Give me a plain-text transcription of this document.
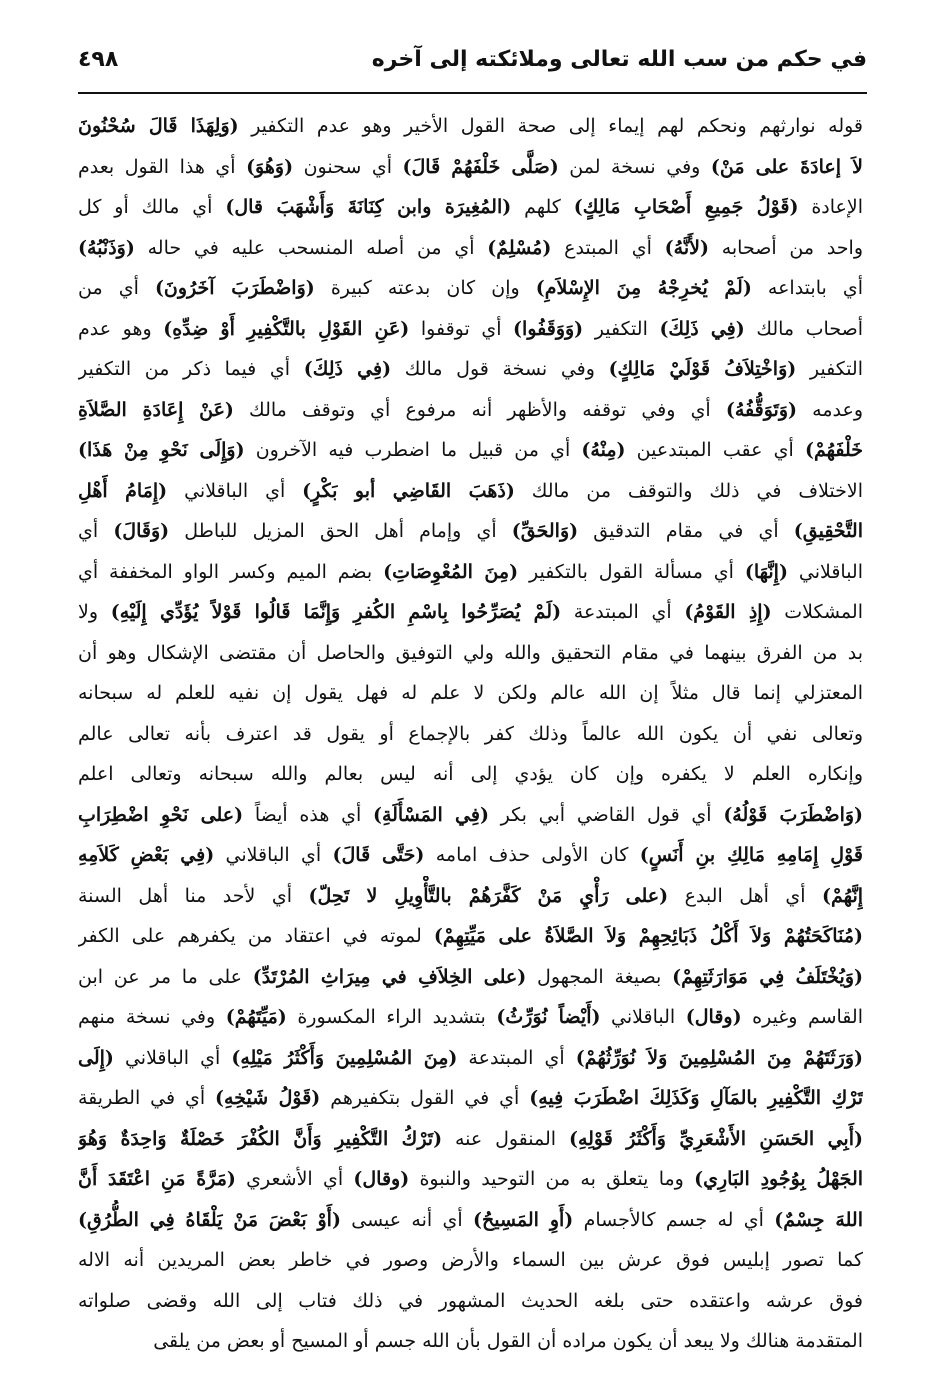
في حكم من سب الله تعالى وملائكته إلى آخره
٤٩٨
قوله نوارثهم ونحكم لهم إيماء إلى صحة القول الأخير وهو عدم التكفير (وَلِهَذَا قَالَ سُحْنُونَ
لاَ إعادَةَ على مَنْ) وفي نسخة لمن (صَلَّى خَلْفَهُمْ قَالَ) أي سحنون (وَهُوَ) أي هذا القول بعدم
الإعادة (قَوْلُ جَمِيعِ أَصْحَابِ مَالِكٍ) كلهم (المُغِيرَة وابن كِنَانَةَ وَأَشْهَبَ قال) أي مالك أو كل
واحد من أصحابه (لأَنَّهُ) أي المبتدع (مُسْلِمٌ) أي من أصله المنسحب عليه في حاله (وَذَنْبُهُ)
أي بابتداعه (لَمْ يُخرِجْهُ مِنَ الإِسْلاَمِ) وإن كان بدعته كبيرة (وَاضْطَرَبَ آخَرُونَ) أي من
أصحاب مالك (فِي ذَلِكَ) التكفير (وَوَقَفُوا) أي توقفوا (عَنِ القَوْلِ بالتَّكْفِيرِ أَوْ ضِدِّهِ) وهو عدم
التكفير (وَاخْتِلاَفُ قَوْلَيْ مَالِكٍ) وفي نسخة قول مالك (فِي ذَلِكَ) أي فيما ذكر من التكفير
وعدمه (وَتَوَقُّفُهُ) أي وفي توقفه والأظهر أنه مرفوع أي وتوقف مالك (عَنْ إِعَادَةِ الصَّلاَةِ
خَلْفَهُمْ) أي عقب المبتدعين (مِنْهُ) أي من قبيل ما اضطرب فيه الآخرون (وَإِلَى نَحْوِ مِنْ هَذَا)
الاختلاف في ذلك والتوقف من مالك (ذَهَبَ القَاضِي أبو بَكْرٍ) أي الباقلاني (إِمَامُ أَهْلِ
التَّحْقِيقِ) أي في مقام التدقيق (وَالحَقِّ) أي وإمام أهل الحق المزيل للباطل (وَقَالَ) أي
الباقلاني (إِنَّهَا) أي مسألة القول بالتكفير (مِنَ المُعْوِصَاتِ) بضم الميم وكسر الواو المخففة أي
المشكلات (إِذِ القَوْمُ) أي المبتدعة (لَمْ يُصَرِّحُوا بِاسْمِ الكُفرِ وَإِنَّمَا قَالُوا قَوْلاً يُؤَدِّي إِلَيْهِ) ولا
بد من الفرق بينهما في مقام التحقيق والله ولي التوفيق والحاصل أن مقتضى الإشكال وهو أن
المعتزلي إنما قال مثلاً إن الله عالم ولكن لا علم له فهل يقول إن نفيه للعلم له سبحانه
وتعالى نفي أن يكون الله عالماً وذلك كفر بالإجماع أو يقول قد اعترف بأنه تعالى عالم
وإنكاره العلم لا يكفره وإن كان يؤدي إلى أنه ليس بعالم والله سبحانه وتعالى اعلم
(وَاضْطَرَبَ قَوْلُهُ) أي قول القاضي أبي بكر (فِي المَسْأَلَةِ) أي هذه أيضاً (على نَحْوِ اضْطِرَابِ
قَوْلِ إِمَامِهِ مَالِكِ بنِ أَنَسٍ) كان الأولى حذف امامه (حَتَّى قَالَ) أي الباقلاني (فِي بَعْضِ كَلاَمِهِ
إِنَّهُمْ) أي أهل البدع (على رَأْيِ مَنْ كَفَّرَهُمْ بالتَّأْوِيلِ لا تَحِلّ) أي لأحد منا أهل السنة
(مُنَاكَحَتُهُمْ وَلاَ أَكْلُ ذَبَائِحِهِمْ وَلاَ الصَّلاَةُ على مَيِّتِهِمْ) لموته في اعتقاد من يكفرهم على الكفر
(وَيُخْتَلَفُ فِي مَوَارَثَتِهِمْ) بصيغة المجهول (على الخِلاَفِ في مِيرَاثِ المُرْتَدِّ) على ما مر عن ابن
القاسم وغيره (وقال) الباقلاني (أَيْضاً نُوَرِّثُ) بتشديد الراء المكسورة (مَيِّتَهُمْ) وفي نسخة منهم
(وَرَثَتَهُمْ مِنَ المُسْلِمِينَ وَلاَ نُوَرِّثُهُمْ) أي المبتدعة (مِنَ المُسْلِمِينَ وَأَكْثَرُ مَيْلِهِ) أي الباقلاني (إِلَى
تَرْكِ التَّكْفِيرِ بالمَآلِ وَكَذَلِكَ اضْطَرَبَ فِيهِ) أي في القول بتكفيرهم (قَوْلُ شَيْخِهِ) أي في الطريقة
(أَبِي الحَسَنِ الأَشْعَرِيِّ وَأَكْثَرُ قَوْلِهِ) المنقول عنه (تَرْكُ التَّكْفِيرِ وَأَنَّ الكُفْرَ خَصْلَةٌ وَاحِدَةٌ وَهُوَ
الجَهْلُ بِوُجُودِ البَارِي) وما يتعلق به من التوحيد والنبوة (وقال) أي الأشعري (مَرَّةً مَنِ اعْتَقَدَ أَنَّ
اللهَ جِسْمٌ) أي له جسم كالأجسام (أَوِ المَسِيحُ) أي أنه عيسى (أَوْ بَعْضَ مَنْ يَلْقَاهُ فِي الطُّرُقِ)
كما تصور إبليس فوق عرش بين السماء والأرض وصور في خاطر بعض المريدين أنه الاله
فوق عرشه واعتقده حتى بلغه الحديث المشهور في ذلك فتاب إلى الله وقضى صلواته
المتقدمة هنالك ولا يبعد أن يكون مراده أن القول بأن الله جسم أو المسيح أو بعض من يلقى
